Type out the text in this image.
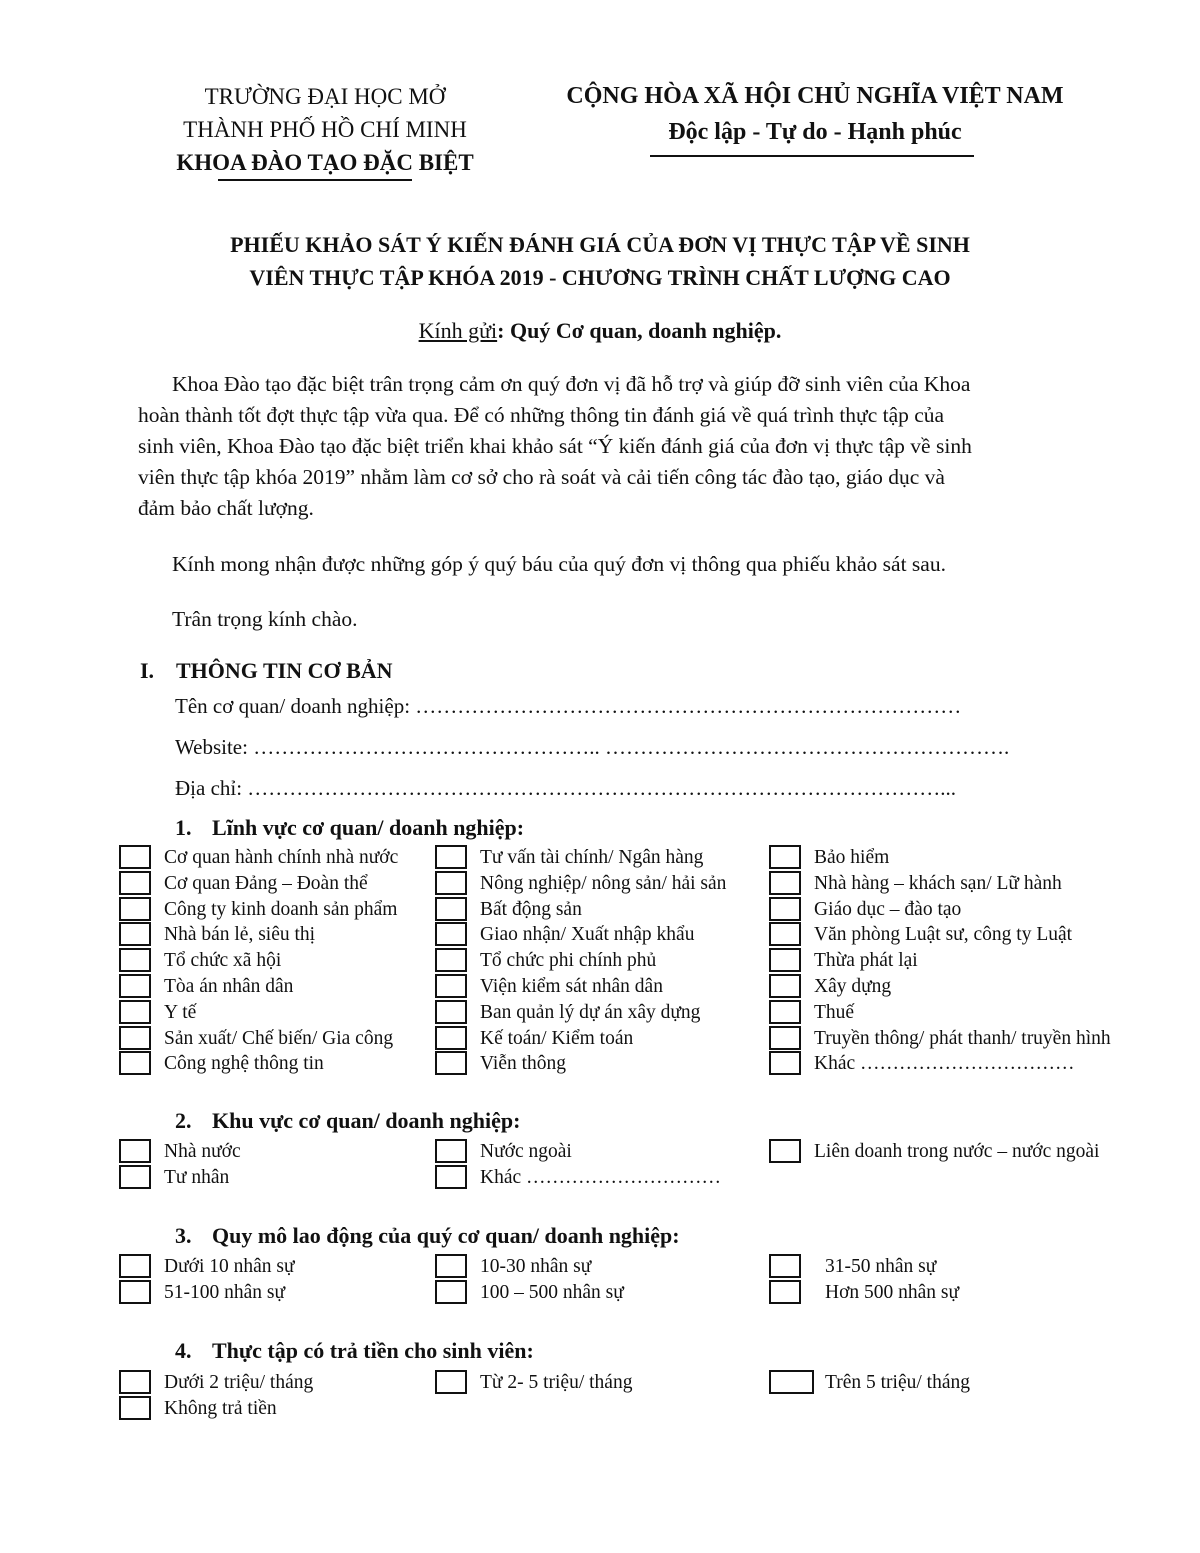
TRƯỜNG ĐẠI HỌC MỞ
THÀNH PHỐ HỒ CHÍ MINH
KHOA ĐÀO TẠO ĐẶC BIỆT
CỘNG HÒA XÃ HỘI CHỦ NGHĨA VIỆT NAM
Độc lập - Tự do - Hạnh phúc
PHIẾU KHẢO SÁT Ý KIẾN ĐÁNH GIÁ CỦA ĐƠN VỊ THỰC TẬP VỀ SINH
VIÊN THỰC TẬP KHÓA 2019 - CHƯƠNG TRÌNH CHẤT LƯỢNG CAO
Kính gửi: Quý Cơ quan, doanh nghiệp.
Khoa Đào tạo đặc biệt trân trọng cảm ơn quý đơn vị đã hỗ trợ và giúp đỡ sinh viên của Khoa
hoàn thành tốt đợt thực tập vừa qua. Để có những thông tin đánh giá về quá trình thực tập của
sinh viên, Khoa Đào tạo đặc biệt triển khai khảo sát “Ý kiến đánh giá của đơn vị thực tập về sinh
viên thực tập khóa 2019” nhằm làm cơ sở cho rà soát và cải tiến công tác đào tạo, giáo dục và
đảm bảo chất lượng.
Kính mong nhận được những góp ý quý báu của quý đơn vị thông qua phiếu khảo sát sau.
Trân trọng kính chào.
I. THÔNG TIN CƠ BẢN
Tên cơ quan/ doanh nghiệp: ……………………………………………………………………
Website: ………………………………………….. ………………………………………………….
Địa chỉ: ………………………………………………………………………………………...
1. Lĩnh vực cơ quan/ doanh nghiệp:
Cơ quan hành chính nhà nước
Cơ quan Đảng – Đoàn thể
Công ty kinh doanh sản phẩm
Nhà bán lẻ, siêu thị
Tổ chức xã hội
Tòa án nhân dân
Y tế
Sản xuất/ Chế biến/ Gia công
Công nghệ thông tin
Tư vấn tài chính/ Ngân hàng
Nông nghiệp/ nông sản/ hải sản
Bất động sản
Giao nhận/ Xuất nhập khẩu
Tổ chức phi chính phủ
Viện kiểm sát nhân dân
Ban quản lý dự án xây dựng
Kế toán/ Kiểm toán
Viễn thông
Bảo hiểm
Nhà hàng – khách sạn/ Lữ hành
Giáo dục – đào tạo
Văn phòng Luật sư, công ty Luật
Thừa phát lại
Xây dựng
Thuế
Truyền thông/ phát thanh/ truyền hình
Khác ……………………………
2. Khu vực cơ quan/ doanh nghiệp:
Nhà nước
Tư nhân
Nước ngoài
Khác …………………………
Liên doanh trong nước – nước ngoài
3. Quy mô lao động của quý cơ quan/ doanh nghiệp:
Dưới 10 nhân sự
51-100 nhân sự
10-30 nhân sự
100 – 500 nhân sự
31-50 nhân sự
Hơn 500 nhân sự
4. Thực tập có trả tiền cho sinh viên:
Dưới 2 triệu/ tháng
Không trả tiền
Từ 2- 5 triệu/ tháng	Trên 5 triệu/ tháng
